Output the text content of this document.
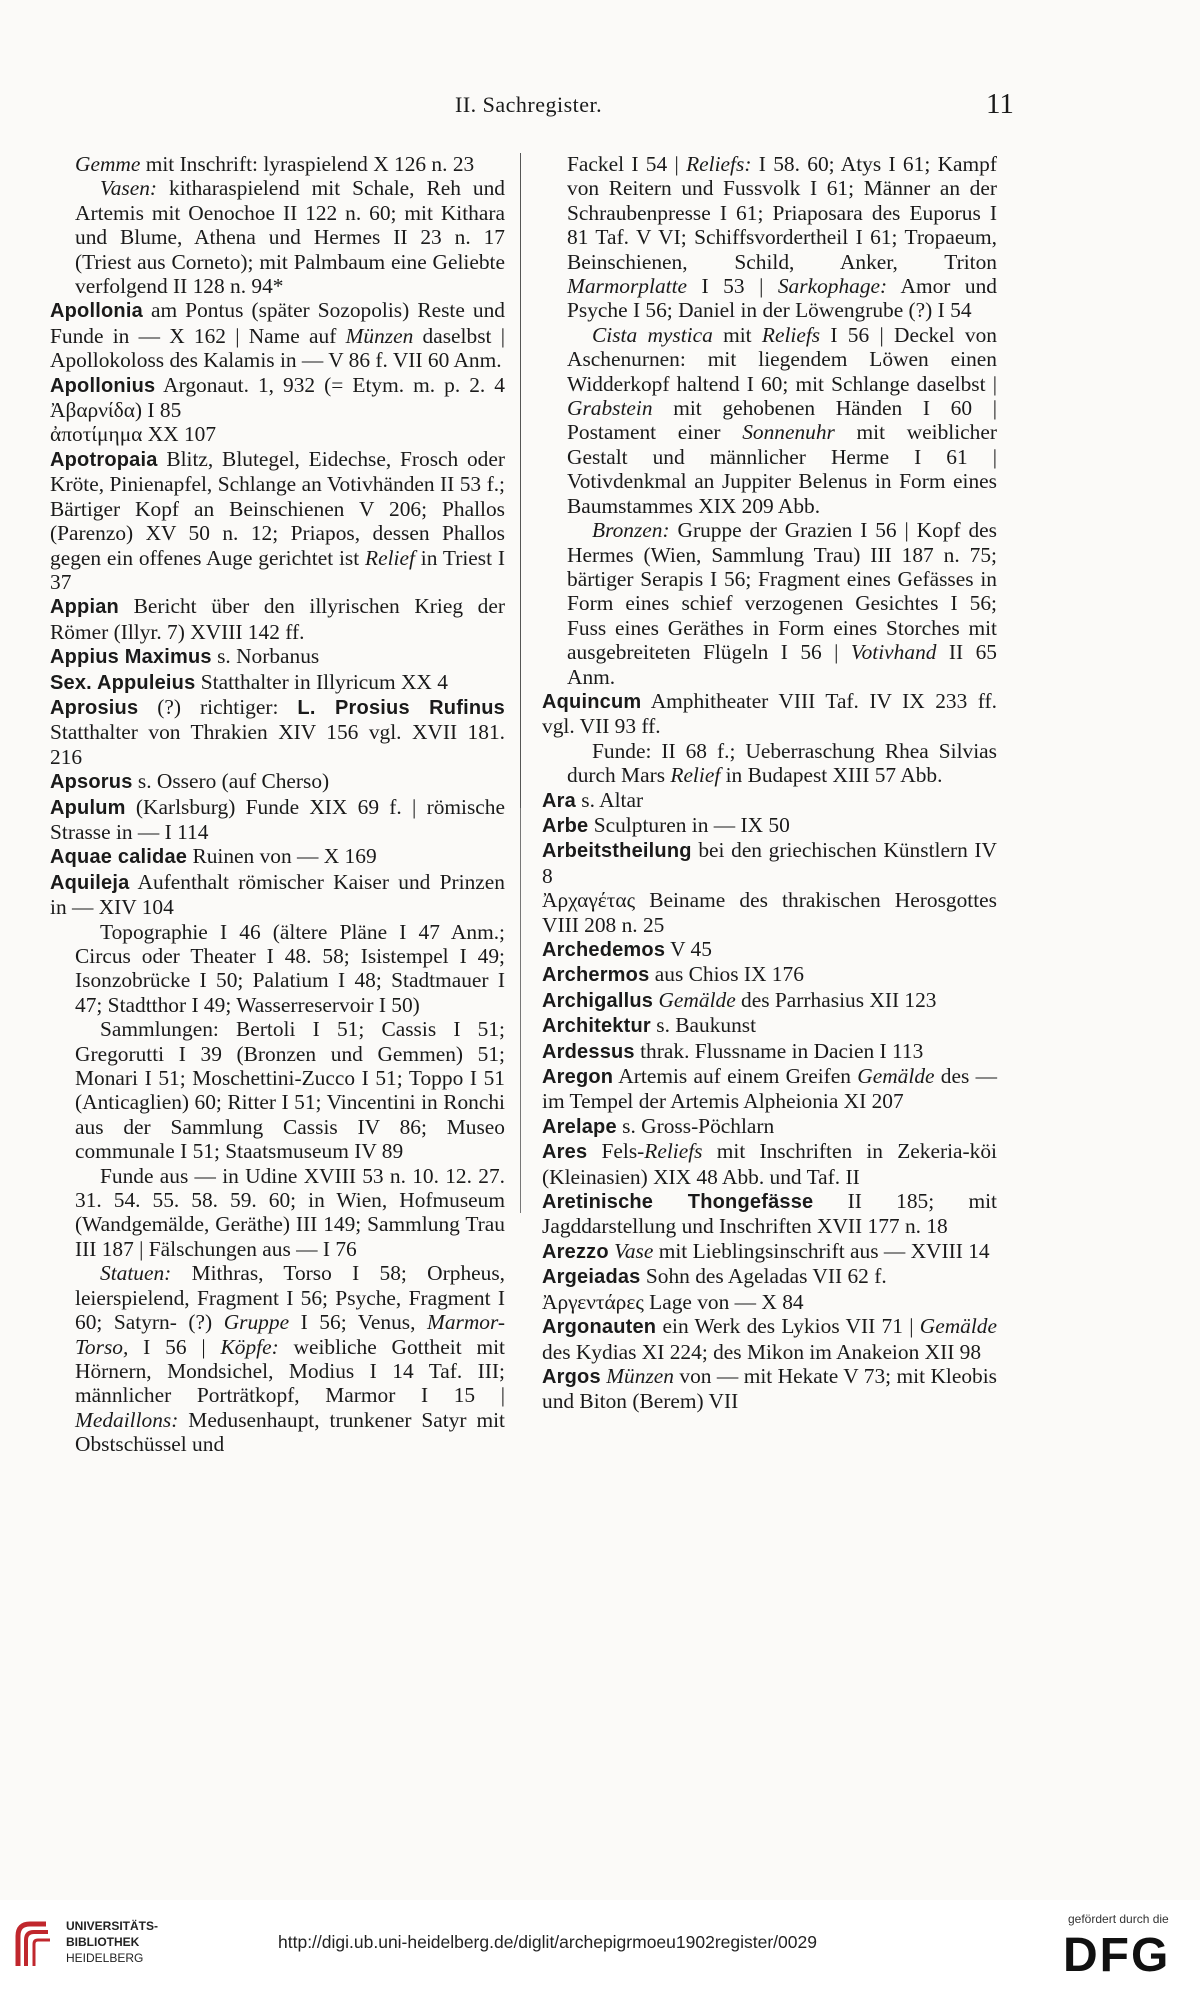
II. Sachregister.	11
Gemme mit Inschrift: lyraspielend X 126 n. 23
Vasen: kitharaspielend mit Schale, Reh und Artemis mit Oenochoe II 122 n. 60; mit Kithara und Blume, Athena und Hermes II 23 n. 17 (Triest aus Corneto); mit Palmbaum eine Geliebte verfolgend II 128 n. 94*
Apollonia am Pontus (später Sozopolis) Reste und Funde in — X 162 | Name auf Münzen daselbst | Apollokoloss des Kalamis in — V 86 f. VII 60 Anm.
Apollonius Argonaut. 1, 932 (= Etym. m. p. 2. 4 Ἀβαρνίδα) I 85
ἀποτίμημα XX 107
Apotropaia Blitz, Blutegel, Eidechse, Frosch oder Kröte, Pinienapfel, Schlange an Votivhänden II 53 f.; Bärtiger Kopf an Beinschienen V 206; Phallos (Parenzo) XV 50 n. 12; Priapos, dessen Phallos gegen ein offenes Auge gerichtet ist Relief in Triest I 37
Appian Bericht über den illyrischen Krieg der Römer (Illyr. 7) XVIII 142 ff.
Appius Maximus s. Norbanus
Sex. Appuleius Statthalter in Illyricum XX 4
Aprosius (?) richtiger: L. Prosius Rufinus Statthalter von Thrakien XIV 156 vgl. XVII 181. 216
Apsorus s. Ossero (auf Cherso)
Apulum (Karlsburg) Funde XIX 69 f. | römische Strasse in — I 114
Aquae calidae Ruinen von — X 169
Aquileja Aufenthalt römischer Kaiser und Prinzen in — XIV 104
Topographie I 46 (ältere Pläne I 47 Anm.; Circus oder Theater I 48. 58; Isistempel I 49; Isonzobrücke I 50; Palatium I 48; Stadtmauer I 47; Stadtthor I 49; Wasserreservoir I 50)
Sammlungen: Bertoli I 51; Cassis I 51; Gregorutti I 39 (Bronzen und Gemmen) 51; Monari I 51; Moschettini-Zucco I 51; Toppo I 51 (Anticaglien) 60; Ritter I 51; Vincentini in Ronchi aus der Sammlung Cassis IV 86; Museo communale I 51; Staatsmuseum IV 89
Funde aus — in Udine XVIII 53 n. 10. 12. 27. 31. 54. 55. 58. 59. 60; in Wien, Hofmuseum (Wandgemälde, Geräthe) III 149; Sammlung Trau III 187 | Fälschungen aus — I 76
Statuen: Mithras, Torso I 58; Orpheus, leierspielend, Fragment I 56; Psyche, Fragment I 60; Satyrn- (?) Gruppe I 56; Venus, Marmor-Torso, I 56 | Köpfe: weibliche Gottheit mit Hörnern, Mondsichel, Modius I 14 Taf. III; männlicher Porträtkopf, Marmor I 15 | Medaillons: Medusenhaupt, trunkener Satyr mit Obstschüssel und
Fackel I 54 | Reliefs: I 58. 60; Atys I 61; Kampf von Reitern und Fussvolk I 61; Männer an der Schraubenpresse I 61; Priaposara des Euporus I 81 Taf. V VI; Schiffsvordertheil I 61; Tropaeum, Beinschienen, Schild, Anker, Triton Marmorplatte I 53 | Sarkophage: Amor und Psyche I 56; Daniel in der Löwengrube (?) I 54
Cista mystica mit Reliefs I 56 | Deckel von Aschenurnen: mit liegendem Löwen einen Widderkopf haltend I 60; mit Schlange daselbst | Grabstein mit gehobenen Händen I 60 | Postament einer Sonnenuhr mit weiblicher Gestalt und männlicher Herme I 61 | Votivdenkmal an Juppiter Belenus in Form eines Baumstammes XIX 209 Abb.
Bronzen: Gruppe der Grazien I 56 | Kopf des Hermes (Wien, Sammlung Trau) III 187 n. 75; bärtiger Serapis I 56; Fragment eines Gefässes in Form eines schief verzogenen Gesichtes I 56; Fuss eines Geräthes in Form eines Storches mit ausgebreiteten Flügeln I 56 | Votivhand II 65 Anm.
Aquincum Amphitheater VIII Taf. IV IX 233 ff. vgl. VII 93 ff.
Funde: II 68 f.; Ueberraschung Rhea Silvias durch Mars Relief in Budapest XIII 57 Abb.
Ara s. Altar
Arbe Sculpturen in — IX 50
Arbeitstheilung bei den griechischen Künstlern IV 8
Ἀρχαγέτας Beiname des thrakischen Herosgottes VIII 208 n. 25
Archedemos V 45
Archermos aus Chios IX 176
Archigallus Gemälde des Parrhasius XII 123
Architektur s. Baukunst
Ardessus thrak. Flussname in Dacien I 113
Aregon Artemis auf einem Greifen Gemälde des — im Tempel der Artemis Alpheionia XI 207
Arelape s. Gross-Pöchlarn
Ares Fels-Reliefs mit Inschriften in Zekeria-köi (Kleinasien) XIX 48 Abb. und Taf. II
Aretinische Thongefässe II 185; mit Jagddarstellung und Inschriften XVII 177 n. 18
Arezzo Vase mit Lieblingsinschrift aus — XVIII 14
Argeiadas Sohn des Ageladas VII 62 f.
Ἀργεντάρες Lage von — X 84
Argonauten ein Werk des Lykios VII 71 | Gemälde des Kydias XI 224; des Mikon im Anakeion XII 98
Argos Münzen von — mit Hekate V 73; mit Kleobis und Biton (Berem) VII
UNIVERSITÄTS-
BIBLIOTHEK
HEIDELBERG
http://digi.ub.uni-heidelberg.de/diglit/archepigrmoeu1902register/0029
gefördert durch die
DFG
